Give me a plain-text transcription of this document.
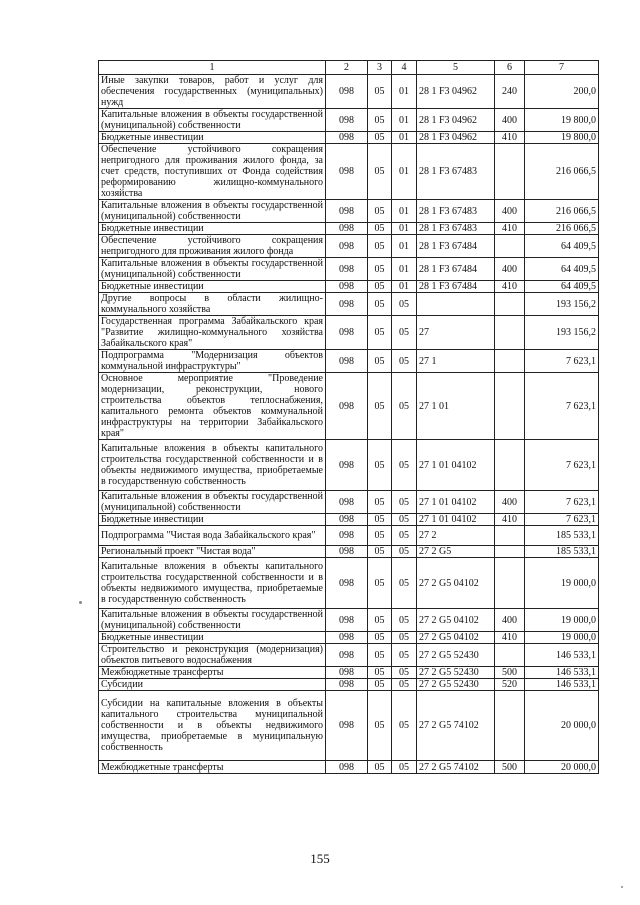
1	2	3	4	5	6	7
Иные закупки товаров, работ и услуг для обеспечения государственных (муниципальных) нужд	098	05	01	28 1 F3 04962	240	200,0
Капитальные вложения в объекты государственной (муниципальной) собственности	098	05	01	28 1 F3 04962	400	19 800,0
Бюджетные инвестиции	098	05	01	28 1 F3 04962	410	19 800,0
Обеспечение устойчивого сокращения непригодного для проживания жилого фонда, за счет средств, поступивших от Фонда содействия реформированию жилищно-коммунального хозяйства	098	05	01	28 1 F3 67483		216 066,5
Капитальные вложения в объекты государственной (муниципальной) собственности	098	05	01	28 1 F3 67483	400	216 066,5
Бюджетные инвестиции	098	05	01	28 1 F3 67483	410	216 066,5
Обеспечение устойчивого сокращения непригодного для проживания жилого фонда	098	05	01	28 1 F3 67484		64 409,5
Капитальные вложения в объекты государственной (муниципальной) собственности	098	05	01	28 1 F3 67484	400	64 409,5
Бюджетные инвестиции	098	05	01	28 1 F3 67484	410	64 409,5
Другие вопросы в области жилищно-коммунального хозяйства	098	05	05			193 156,2
Государственная программа Забайкальского края "Развитие жилищно-коммунального хозяйства Забайкальского края"	098	05	05	27		193 156,2
Подпрограмма "Модернизация объектов коммунальной инфраструктуры"	098	05	05	27 1		7 623,1
Основное мероприятие "Проведение модернизации, реконструкции, нового строительства объектов теплоснабжения, капитального ремонта объектов коммунальной инфраструктуры на территории Забайкальского края"	098	05	05	27 1 01		7 623,1
Капитальные вложения в объекты капитального строительства государственной собственности и в объекты недвижимого имущества, приобретаемые в государственную собственность	098	05	05	27 1 01 04102		7 623,1
Капитальные вложения в объекты государственной (муниципальной) собственности	098	05	05	27 1 01 04102	400	7 623,1
Бюджетные инвестиции	098	05	05	27 1 01 04102	410	7 623,1
Подпрограмма "Чистая вода Забайкальского края"	098	05	05	27 2		185 533,1
Региональный проект "Чистая вода"	098	05	05	27 2 G5		185 533,1
Капитальные вложения в объекты капитального строительства государственной собственности и в объекты недвижимого имущества, приобретаемые в государственную собственность	098	05	05	27 2 G5 04102		19 000,0
Капитальные вложения в объекты государственной (муниципальной) собственности	098	05	05	27 2 G5 04102	400	19 000,0
Бюджетные инвестиции	098	05	05	27 2 G5 04102	410	19 000,0
Строительство и реконструкция (модернизация) объектов питьевого водоснабжения	098	05	05	27 2 G5 52430		146 533,1
Межбюджетные трансферты	098	05	05	27 2 G5 52430	500	146 533,1
Субсидии	098	05	05	27 2 G5 52430	520	146 533,1
Субсидии на капитальные вложения в объекты капитального строительства муниципальной собственности и в объекты недвижимого имущества, приобретаемые в муниципальную собственность	098	05	05	27 2 G5 74102		20 000,0
Межбюджетные трансферты	098	05	05	27 2 G5 74102	500	20 000,0
155
